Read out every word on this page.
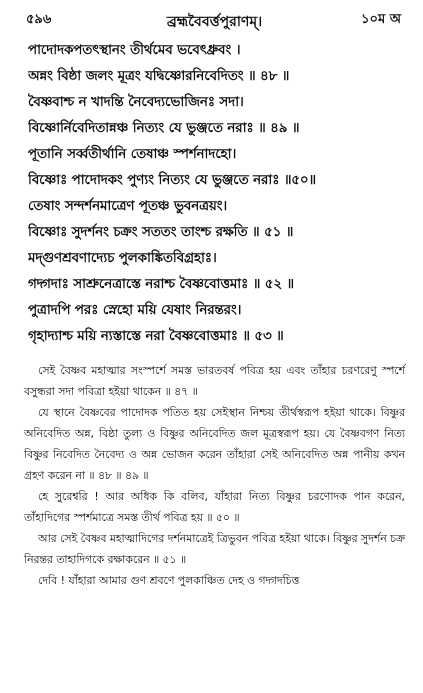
৫৯৬	ব্রহ্মবৈবর্ত্তপুরাণম্।	১০ম অ
পাদোদকপতৎস্থানং তীর্থমেব ভবেৎধ্রুবং ।
অন্নং বিষ্ঠা জলং মূত্রং যদ্বিষ্ণোরনিবেদিতং ॥ ৪৮ ॥
বৈষ্ণবাশ্চ ন খাদন্তি নৈবেদ্যভোজিনঃ সদা।
বিষ্ণোর্নিবেদিতান্নঞ্চ নিত্যং যে ভুঞ্জতে নরাঃ ॥ ৪৯ ॥
পূতানি সর্ব্বতীর্থানি তেষাঞ্চ স্পর্শনাদহো।
বিষ্ণোঃ পাদোদকং পুণ্যং নিত্যং যে ভুঞ্জতে নরাঃ ॥৫০॥
তেষাং সন্দর্শনমাত্রেণ পূতঞ্চ ভুবনত্রয়ং।
বিষ্ণোঃ সুদর্শনং চক্রং সততং তাংশ্চ রক্ষতি ॥ ৫১ ॥
মদ্গুণশ্রবণাদ্যেচ পুলকাঙ্কিতবিগ্রহাঃ।
গদ্গদাঃ সাশ্রুনেত্রাস্তে নরাশ্চ বৈষ্ণবোত্তমাঃ ॥ ৫২ ॥
পুত্রাদপি পরঃ স্নেহো ময়ি যেষাং নিরন্তরং।
গৃহাদ্যাশ্চ ময়ি ন্যস্তাস্তে নরা বৈষ্ণবোত্তমাঃ ॥ ৫৩ ॥

সেই বৈষ্ণব মহাত্মার সংস্পর্শে সমস্ত ভারতবর্ষ পবিত্র হয় এবং তাঁহার চরণরেণু স্পর্শে বসুন্ধরা সদা পবিত্রা হইয়া থাকেন ॥ ৪৭ ॥

যে স্থানে বৈষ্ণবের পাদোদক পতিত হয় সেইস্থান নিশ্চয় তীর্থস্বরূপ হইয়া থাকে। বিষ্ণুর অনিবেদিত অন্ন, বিষ্ঠা তুল্য ও বিষ্ণুর অনিবেদিত জল মূত্রস্বরূপ হয়। যে বৈষ্ণবগণ নিত্য বিষ্ণুর নিবেদিত নৈবেদ্য ও অন্ন ভোজন করেন তাঁহারা সেই অনিবেদিত অন্ন পানীয় কখন গ্রহণ করেন না ॥ ৪৮ ॥ ৪৯ ॥

হে সুরেশ্বরি ! আর অধিক কি বলিব, যাঁহারা নিত্য বিষ্ণুর চরণোদক পান করেন, তাঁহাদিগের স্পর্শমাত্রে সমস্ত তীর্থ পবিত্র হয় ॥ ৫০ ॥

আর সেই বৈষ্ণব মহাত্মাদিগের দর্শনমাত্রেই ত্রিভুবন পবিত্র হইয়া থাকে। বিষ্ণুর সুদর্শন চক্র নিরন্তর তাহাদিগকে রক্ষাকরেন ॥ ৫১ ॥

দেবি ! যাঁহারা আমার গুণ শ্রবণে পুলকাঞ্চিত দেহ ও গদ্গদচিত্ত
